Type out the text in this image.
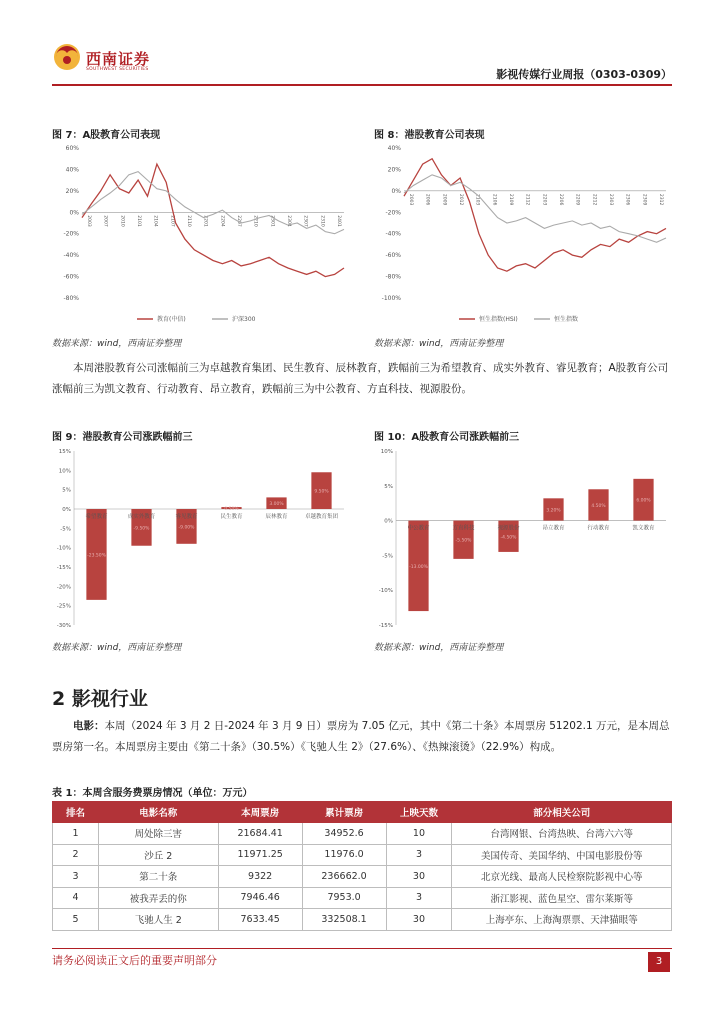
西南证券
SOUTHWEST SECURITIES	影视传媒行业周报（0303-0309）
图 7：A股教育公司表现
60%
40%
20%
0%
-20%
-40%
-60%
-80%
2003	2007	2010	2101	2104	2107	2110	2201	2204	2207	2210	2301	2304	2307	2310	2401
教育(中信)	沪深300
数据来源：wind，西南证券整理
图 8：港股教育公司表现
40%
20%
0%
-20%
-40%
-60%
-80%
-100%
2003	2006	2009	2012	2103	2106	2109	2112	2203	2206	2209	2212	2303	2306	2309	2312
恒生指数(HSI)	恒生指数
数据来源：wind，西南证券整理
本周港股教育公司涨幅前三为卓越教育集团、民生教育、辰林教育，跌幅前三为希望教育、成实外教育、睿见教育；A股教育公司涨幅前三为凯文教育、行动教育、昂立教育，跌幅前三为中公教育、方直科技、视源股份。
图 9：港股教育公司涨跌幅前三
15%
10%
5%
0%
-5%
-10%
-15%
-20%
-25%
-30%
-23.50%
希望教育
-9.50%
成实外教育
-9.00%
睿见教育
0.50%
民生教育
3.00%
辰林教育
9.50%
卓越教育集团
数据来源：wind，西南证券整理
图 10：A股教育公司涨跌幅前三
10%
5%
0%
-5%
-10%
-15%
-13.00%
中公教育
-5.50%
方直科技
-4.50%
视源股份
3.20%
昂立教育
4.50%
行动教育
6.00%
凯文教育
数据来源：wind，西南证券整理
2 影视行业
电影：本周（2024 年 3 月 2 日-2024 年 3 月 9 日）票房为 7.05 亿元，其中《第二十条》本周票房 51202.1 万元，是本周总票房第一名。本周票房主要由《第二十条》（30.5%）《飞驰人生 2》（27.6%）、《热辣滚烫》（22.9%）构成。
表 1：本周含服务费票房情况（单位：万元）
排名	电影名称	本周票房	累计票房	上映天数	部分相关公司
1	周处除三害	21684.41	34952.6	10	台湾网银、台湾热映、台湾六六等
2	沙丘 2	11971.25	11976.0	3	美国传奇、美国华纳、中国电影股份等
3	第二十条	9322	236662.0	30	北京光线、最高人民检察院影视中心等
4	被我弄丢的你	7946.46	7953.0	3	浙江影视、蓝色星空、雷尔莱斯等
5	飞驰人生 2	7633.45	332508.1	30	上海亭东、上海淘票票、天津猫眼等
请务必阅读正文后的重要声明部分	3
